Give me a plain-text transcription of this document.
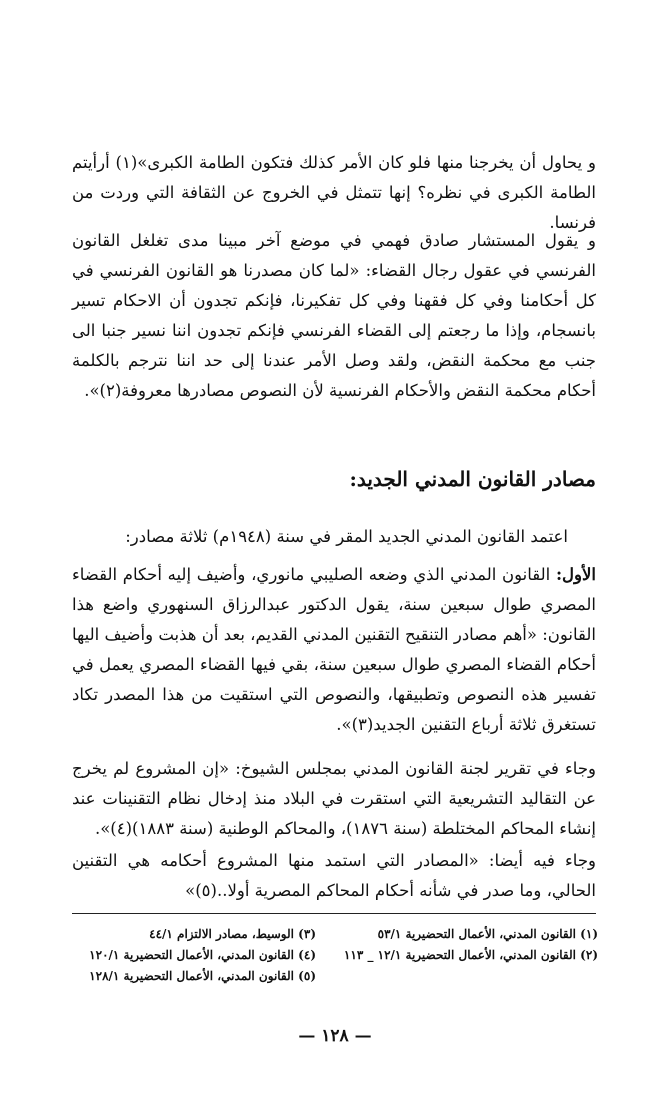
و يحاول أن يخرجنا منها فلو كان الأمر كذلك فتكون الطامة الكبرى»(١) أرأيتم الطامة الكبرى في نظره؟ إنها تتمثل في الخروج عن الثقافة التي وردت من فرنسا.

و يقول المستشار صادق فهمي في موضع آخر مبينا مدى تغلغل القانون الفرنسي في عقول رجال القضاء: «لما كان مصدرنا هو القانون الفرنسي في كل أحكامنا وفي كل فقهنا وفي كل تفكيرنا، فإنكم تجدون أن الاحكام تسير بانسجام، وإذا ما رجعتم إلى القضاء الفرنسي فإنكم تجدون اننا نسير جنبا الى جنب مع محكمة النقض، ولقد وصل الأمر عندنا إلى حد اننا نترجم بالكلمة أحكام محكمة النقض والأحكام الفرنسية لأن النصوص مصادرها معروفة(٢)».

مصادر القانون المدني الجديد:

اعتمد القانون المدني الجديد المقر في سنة (١٩٤٨م) ثلاثة مصادر:

الأول: القانون المدني الذي وضعه الصليبي مانوري، وأضيف إليه أحكام القضاء المصري طوال سبعين سنة، يقول الدكتور عبدالرزاق السنهوري واضع هذا القانون: «أهم مصادر التنقيح التقنين المدني القديم، بعد أن هذبت وأضيف اليها أحكام القضاء المصري طوال سبعين سنة، بقي فيها القضاء المصري يعمل في تفسير هذه النصوص وتطبيقها، والنصوص التي استقيت من هذا المصدر تكاد تستغرق ثلاثة أرباع التقنين الجديد(٣)».

وجاء في تقرير لجنة القانون المدني بمجلس الشيوخ: «إن المشروع لم يخرج عن التقاليد التشريعية التي استقرت في البلاد منذ إدخال نظام التقنينات عند إنشاء المحاكم المختلطة (سنة ١٨٧٦)، والمحاكم الوطنية (سنة ١٨٨٣)(٤)».

وجاء فيه أيضا: «المصادر التي استمد منها المشروع أحكامه هي التقنين الحالي، وما صدر في شأنه أحكام المحاكم المصرية أولا..(٥)»

(١) القانون المدني، الأعمال التحضيرية ٥٣/١
(٣) الوسيط، مصادر الالتزام ٤٤/١
(٢) القانون المدني، الأعمال التحضيرية ١٢/١ _ ١١٣
(٤) القانون المدني، الأعمال التحضيرية ١٢٠/١
(٥) القانون المدني، الأعمال التحضيرية ١٢٨/١
— ١٢٨ —
